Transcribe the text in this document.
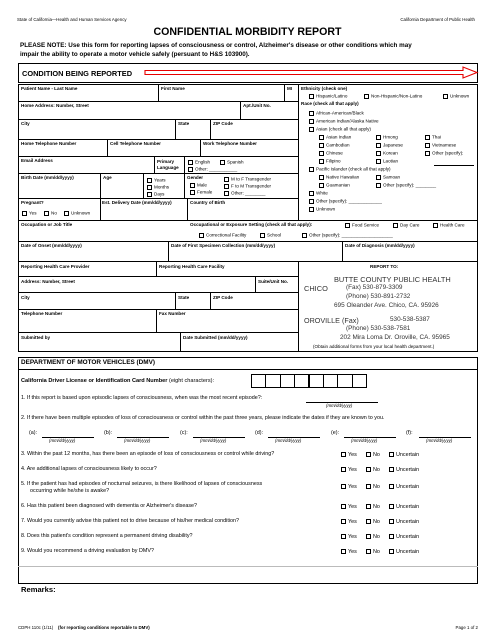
State of California—Health and Human Services Agency	California Department of Public Health
CONFIDENTIAL MORBIDITY REPORT
PLEASE NOTE: Use this form for reporting lapses of consciousness or control, Alzheimer's disease or other conditions which may
impair the ability to operate a motor vehicle safely (persuant to H&S 103900).
CONDITION BEING REPORTED
Patient Name - Last Name	First Name	MI
Home Address: Number, Street	Apt./Unit No.
City	State	ZIP Code
Home Telephone Number	Cell Telephone Number	Work Telephone Number
Email Address	Primary
Language
English	Spanish
Other: ___________
Birth Date (mm/dd/yyyy)	Age
Years
Months
Days
Gender
Male
Female
M to F Transgender
F to M Transgender
Other: ________
Pregnant?
Yes	No	Unknown
Est. Delivery Date (mm/dd/yyyy)	Country of Birth
Ethnicity (check one)
Hispanic/Latino	Non-Hispanic/Non-Latino	Unknown
Race (check all that apply)
African-American/Black
American Indian/Alaska Native
Asian (check all that apply)
Asian Indian	Hmong	Thai
Cambodian	Japanese	Vietnamese
Chinese	Korean	Other (specify):
Filipino	Laotian
Pacific Islander (check all that apply)
Native Hawaiian	Samoan
Guamanian	Other (specify): ________
White
Other (specify): _____________
Unknown
Occupation or Job Title	Occupational or Exposure Setting (check all that apply):	Food Service	Day Care	Health Care
Correctional Facility	School	Other (specify): ____________________
Date of Onset (mm/dd/yyyy)	Date of First Specimen Collection (mm/dd/yyyy)	Date of Diagnosis (mm/dd/yyyy)
Reporting Health Care Provider	Reporting Health Care Facility	REPORT TO:
Address: Number, Street	Suite/Unit No.
City	State	ZIP Code
Telephone Number	Fax Number
Submitted by	Date Submitted (mm/dd/yyyy)
BUTTE COUNTY PUBLIC HEALTH
CHICO	(Fax) 530-879-3309
(Phone) 530-891-2732
695 Oleander Ave. Chico, CA. 95926
OROVILLE (Fax)	530-538-5387
(Phone) 530-538-7581
202 Mira Loma Dr. Oroville, CA. 95965
(Obtain additional forms from your local health department.)
DEPARTMENT OF MOTOR VEHICLES (DMV)
California Driver License or Identification Card Number (eight characters):
1. If this report is based upon episodic lapses of consciousness, when was the most recent episode?:
(mm/dd/yyyy)
2. If there have been multiple episodes of loss of consciousness or control within the past three years, please indicate the dates if they are known to you.
(a):
(mm/dd/yyyy)
(b):
(mm/dd/yyyy)
(c):
(mm/dd/yyyy)
(d):
(mm/dd/yyyy)
(e):
(mm/dd/yyyy)
(f):
(mm/dd/yyyy)
3. Within the past 12 months, has there been an episode of loss of consciousness or control while driving?	Yes	No	Uncertain
4. Are additional lapses of consciousness likely to occur?	Yes	No	Uncertain
5. If the patient has had episodes of nocturnal seizures, is there likelihood of lapses of consciousness
occurring while he/she is awake?
Yes	No	Uncertain
6. Has this patient been diagnosed with dementia or Alzheimer's disease?	Yes	No	Uncertain
7. Would you currently advise this patient not to drive because of his/her medical condition?	Yes	No	Uncertain
8. Does this patient's condition represent a permanent driving disability?	Yes	No	Uncertain
9. Would you recommend a driving evaluation by DMV?	Yes	No	Uncertain
Remarks:
CDPH 110c (1/11) (for reporting conditions reportable to DMV)	Page 1 of 2
